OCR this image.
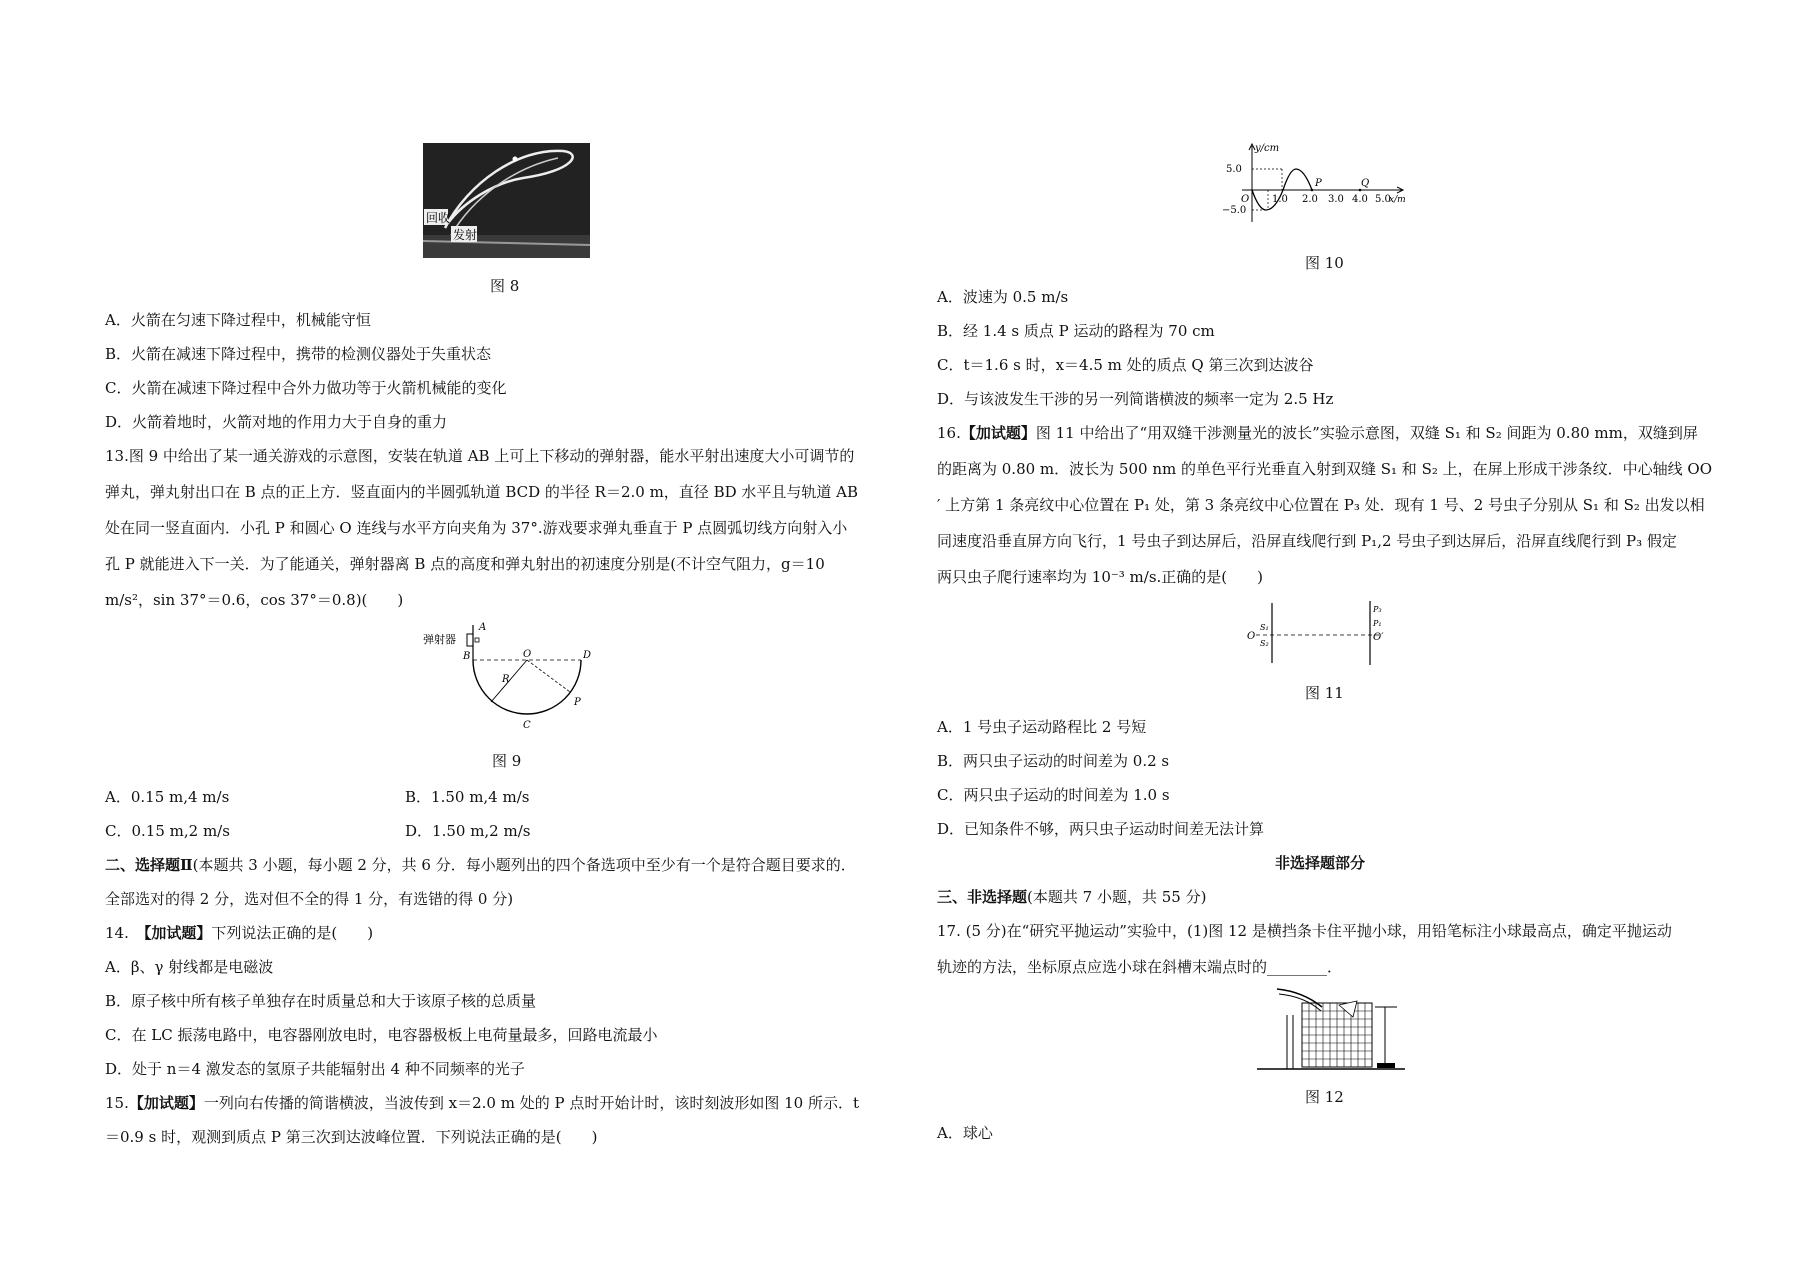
回收
发射
图 8
A．火箭在匀速下降过程中，机械能守恒
B．火箭在减速下降过程中，携带的检测仪器处于失重状态
C．火箭在减速下降过程中合外力做功等于火箭机械能的变化
D．火箭着地时，火箭对地的作用力大于自身的重力
13.图 9 中给出了某一通关游戏的示意图，安装在轨道 AB 上可上下移动的弹射器，能水平射出速度大小可调节的
弹丸，弹丸射出口在 B 点的正上方．竖直面内的半圆弧轨道 BCD 的半径 R＝2.0 m，直径 BD 水平且与轨道 AB
处在同一竖直面内．小孔 P 和圆心 O 连线与水平方向夹角为 37°.游戏要求弹丸垂直于 P 点圆弧切线方向射入小
孔 P 就能进入下一关．为了能通关，弹射器离 B 点的高度和弹丸射出的初速度分别是(不计空气阻力，g＝10
m/s²，sin 37°＝0.6，cos 37°＝0.8)(　　)
弹射器
A
B	O	D
R
P
C
图 9
A．0.15 m,4 m/s	B．1.50 m,4 m/s
C．0.15 m,2 m/s	D．1.50 m,2 m/s
二、选择题Ⅱ(本题共 3 小题，每小题 2 分，共 6 分．每小题列出的四个备选项中至少有一个是符合题目要求的．
全部选对的得 2 分，选对但不全的得 1 分，有选错的得 0 分)
14.　【加试题】下列说法正确的是(　　)
A．β、γ 射线都是电磁波
B．原子核中所有核子单独存在时质量总和大于该原子核的总质量
C．在 LC 振荡电路中，电容器刚放电时，电容器极板上电荷量最多，回路电流最小
D．处于 n＝4 激发态的氢原子共能辐射出 4 种不同频率的光子
15.【加试题】一列向右传播的简谐横波，当波传到 x＝2.0 m 处的 P 点时开始计时，该时刻波形如图 10 所示．t
＝0.9 s 时，观测到质点 P 第三次到达波峰位置．下列说法正确的是(　　)
y/cm
5.0
−5.0
O 1.0 2.0 3.0 4.0 5.0
x/m
P	Q
图 10
A．波速为 0.5 m/s
B．经 1.4 s 质点 P 运动的路程为 70 cm
C．t＝1.6 s 时，x＝4.5 m 处的质点 Q 第三次到达波谷
D．与该波发生干涉的另一列简谐横波的频率一定为 2.5 Hz
16.【加试题】图 11 中给出了“用双缝干涉测量光的波长”实验示意图，双缝 S₁ 和 S₂ 间距为 0.80 mm，双缝到屏
的距离为 0.80 m．波长为 500 nm 的单色平行光垂直入射到双缝 S₁ 和 S₂ 上，在屏上形成干涉条纹．中心轴线 OO
′ 上方第 1 条亮纹中心位置在 P₁ 处，第 3 条亮纹中心位置在 P₃ 处．现有 1 号、2 号虫子分别从 S₁ 和 S₂ 出发以相
同速度沿垂直屏方向飞行，1 号虫子到达屏后，沿屏直线爬行到 P₁,2 号虫子到达屏后，沿屏直线爬行到 P₃ 假定
两只虫子爬行速率均为 10⁻³ m/s.正确的是(　　)
O
S₁
S₂
P₃
P₁
O′
图 11
A．1 号虫子运动路程比 2 号短
B．两只虫子运动的时间差为 0.2 s
C．两只虫子运动的时间差为 1.0 s
D．已知条件不够，两只虫子运动时间差无法计算
非选择题部分
三、非选择题(本题共 7 小题，共 55 分)
17. (5 分)在“研究平抛运动”实验中，(1)图 12 是横挡条卡住平抛小球，用铅笔标注小球最高点，确定平抛运动
轨迹的方法，坐标原点应选小球在斜槽末端点时的________．
图 12
A．球心
